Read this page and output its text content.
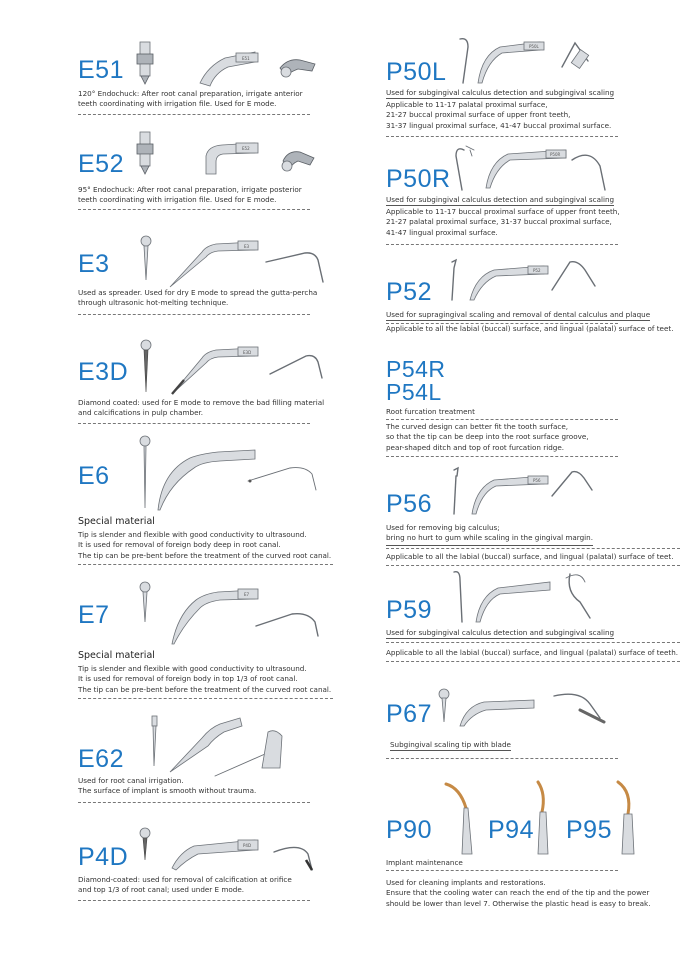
E51	E51
120° Endochuck: After root canal preparation, irrigate anterior
teeth coordinating with irrigation file. Used for E mode.
E52
E52
95° Endochuck: After root canal preparation, irrigate posterior
teeth coordinating with irrigation file. Used for E mode.
E3
E3
Used as spreader. Used for dry E mode to spread the gutta-percha
through ultrasonic hot-melting technique.
E3D
E3D
Diamond coated: used for E mode to remove the bad filling material
and calcifications in pulp chamber.
E6
Special material
Tip is slender and flexible with good conductivity to ultrasound.
It is used for removal of foreign body deep in root canal.
The tip can be pre-bent before the treatment of the curved root canal.
E7
E7
Special material
Tip is slender and flexible with good conductivity to ultrasound.
It is used for removal of foreign body in top 1/3 of root canal.
The tip can be pre-bent before the treatment of the curved root canal.
E62
Used for root canal irrigation.
The surface of implant is smooth without trauma.
P4D	P4D
Diamond-coated: used for removal of calcification at orifice
and top 1/3 of root canal; used under E mode.
P50L
P50L
Used for subgingival calculus detection and subgingival scaling
Applicable to 11-17 palatal proximal surface,
21-27 buccal proximal surface of upper front teeth,
31-37 lingual proximal surface, 41-47 buccal proximal surface.
P50R
P50R
Used for subgingival calculus detection and subgingival scaling
Applicable to 11-17 buccal proximal surface of upper front teeth,
21-27 palatal proximal surface, 31-37 buccal proximal surface,
41-47 lingual proximal surface.
P52
P52
Used for supragingival scaling and removal of dental calculus and plaque
Applicable to all the labial (buccal) surface, and lingual (palatal) surface of teet.
P54R
P54L
Root furcation treatment
The curved design can better fit the tooth surface,
so that the tip can be deep into the root surface groove,
pear-shaped ditch and top of root furcation ridge.
P56
P56
Used for removing big calculus;
bring no hurt to gum while scaling in the gingival margin.
Applicable to all the labial (buccal) surface, and lingual (palatal) surface of teet.
P59
Used for subgingival calculus detection and subgingival scaling
Applicable to all the labial (buccal) surface, and lingual (palatal) surface of teeth.
P67
Subgingival scaling tip with blade
P90 P94 P95
Implant maintenance
Used for cleaning implants and restorations.
Ensure that the cooling water can reach the end of the tip and the power
should be lower than level 7. Otherwise the plastic head is easy to break.
